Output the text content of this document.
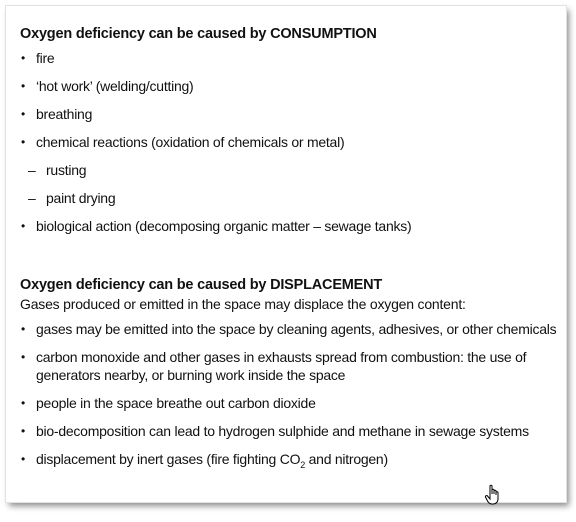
Oxygen deficiency can be caused by CONSUMPTION
• fire
• ‘hot work’ (welding/cutting)
• breathing
• chemical reactions (oxidation of chemicals or metal)
– rusting
– paint drying
• biological action (decomposing organic matter – sewage tanks)
Oxygen deficiency can be caused by DISPLACEMENT
Gases produced or emitted in the space may displace the oxygen content:
• gases may be emitted into the space by cleaning agents, adhesives, or other chemicals
• carbon monoxide and other gases in exhausts spread from combustion: the use of generators nearby, or burning work inside the space
• people in the space breathe out carbon dioxide
• bio-decomposition can lead to hydrogen sulphide and methane in sewage systems
• displacement by inert gases (fire fighting $CO_2$ and nitrogen)
